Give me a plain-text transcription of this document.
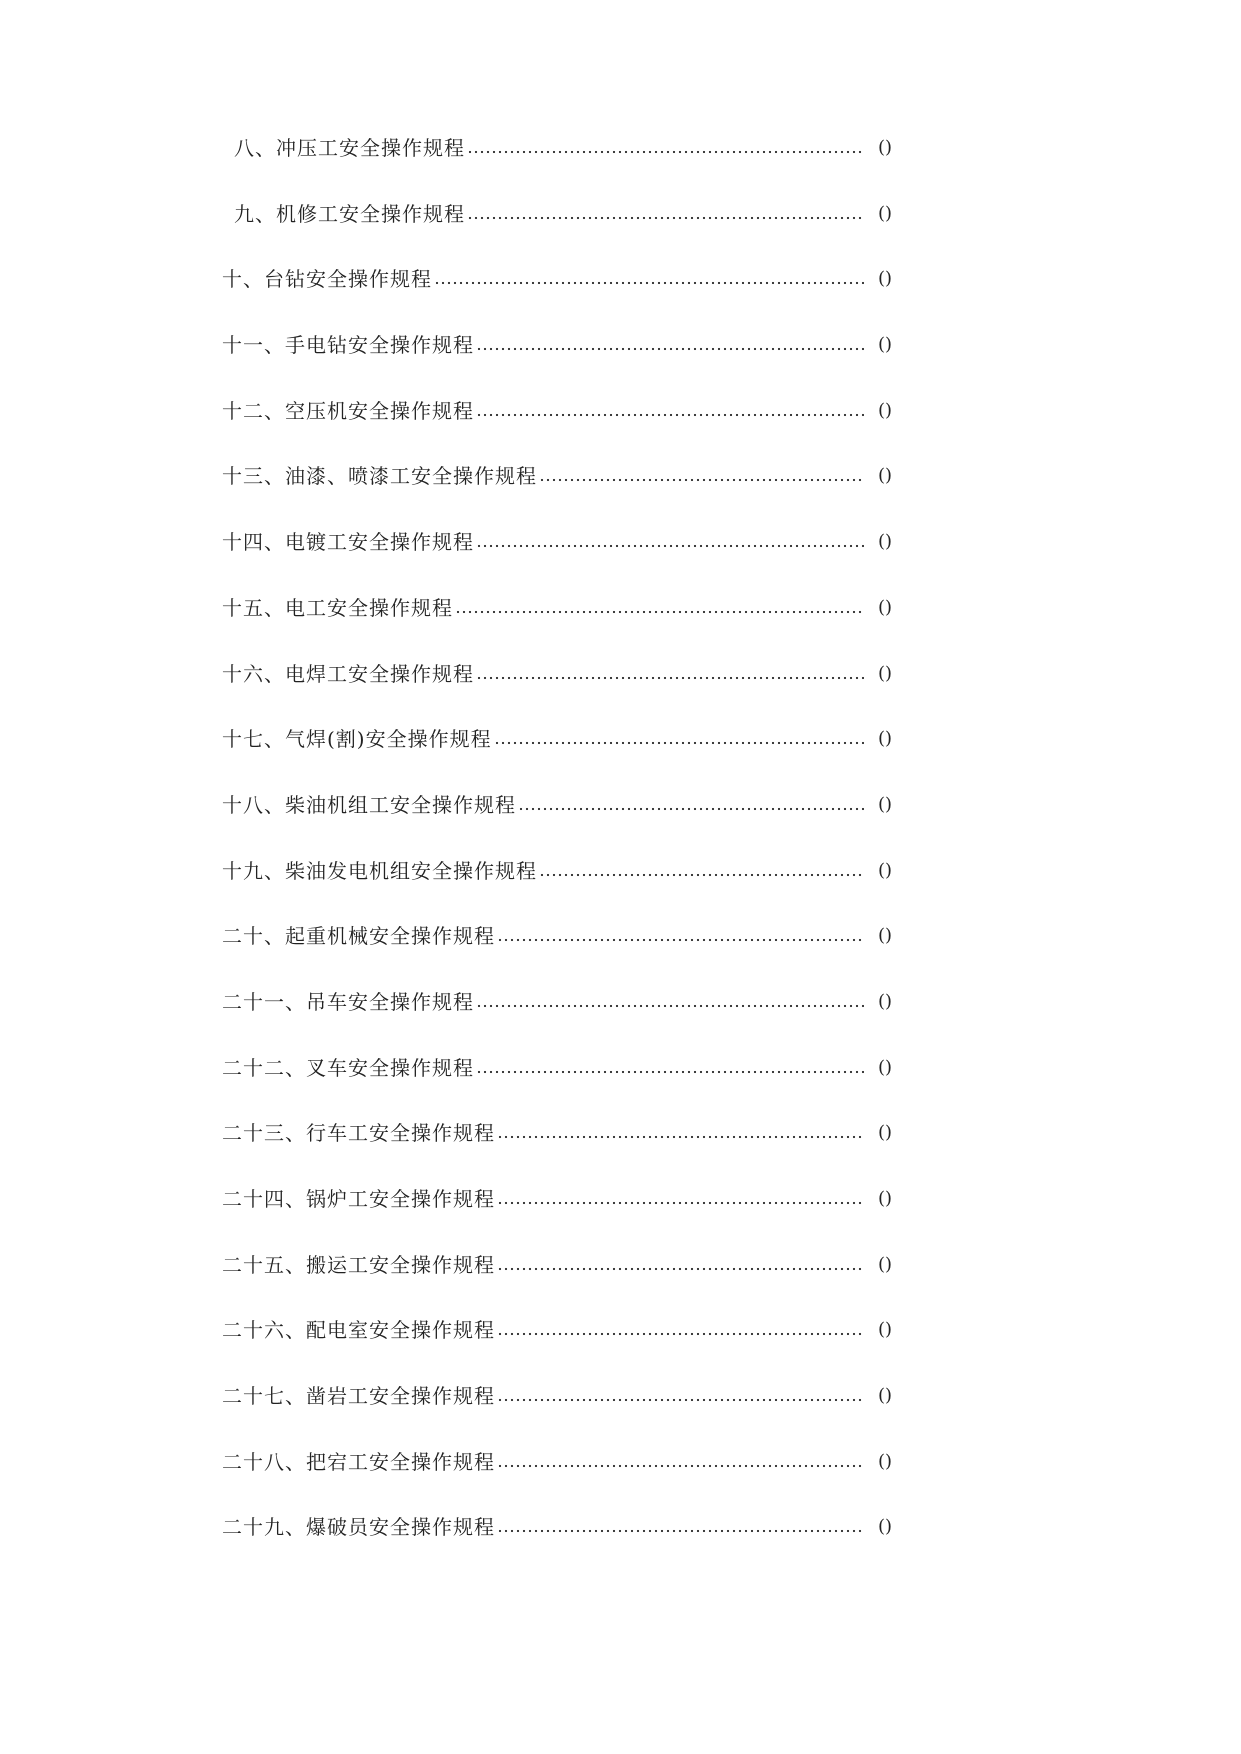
八、冲压工安全操作规程	()
九、机修工安全操作规程	()
十、台钻安全操作规程	()
十一、手电钻安全操作规程	()
十二、空压机安全操作规程	()
十三、油漆、喷漆工安全操作规程	()
十四、电镀工安全操作规程	()
十五、电工安全操作规程	()
十六、电焊工安全操作规程	()
十七、气焊(割)安全操作规程	()
十八、柴油机组工安全操作规程	()
十九、柴油发电机组安全操作规程	()
二十、起重机械安全操作规程	()
二十一、吊车安全操作规程	()
二十二、叉车安全操作规程	()
二十三、行车工安全操作规程	()
二十四、锅炉工安全操作规程	()
二十五、搬运工安全操作规程	()
二十六、配电室安全操作规程	()
二十七、凿岩工安全操作规程	()
二十八、把宕工安全操作规程	()
二十九、爆破员安全操作规程	()
